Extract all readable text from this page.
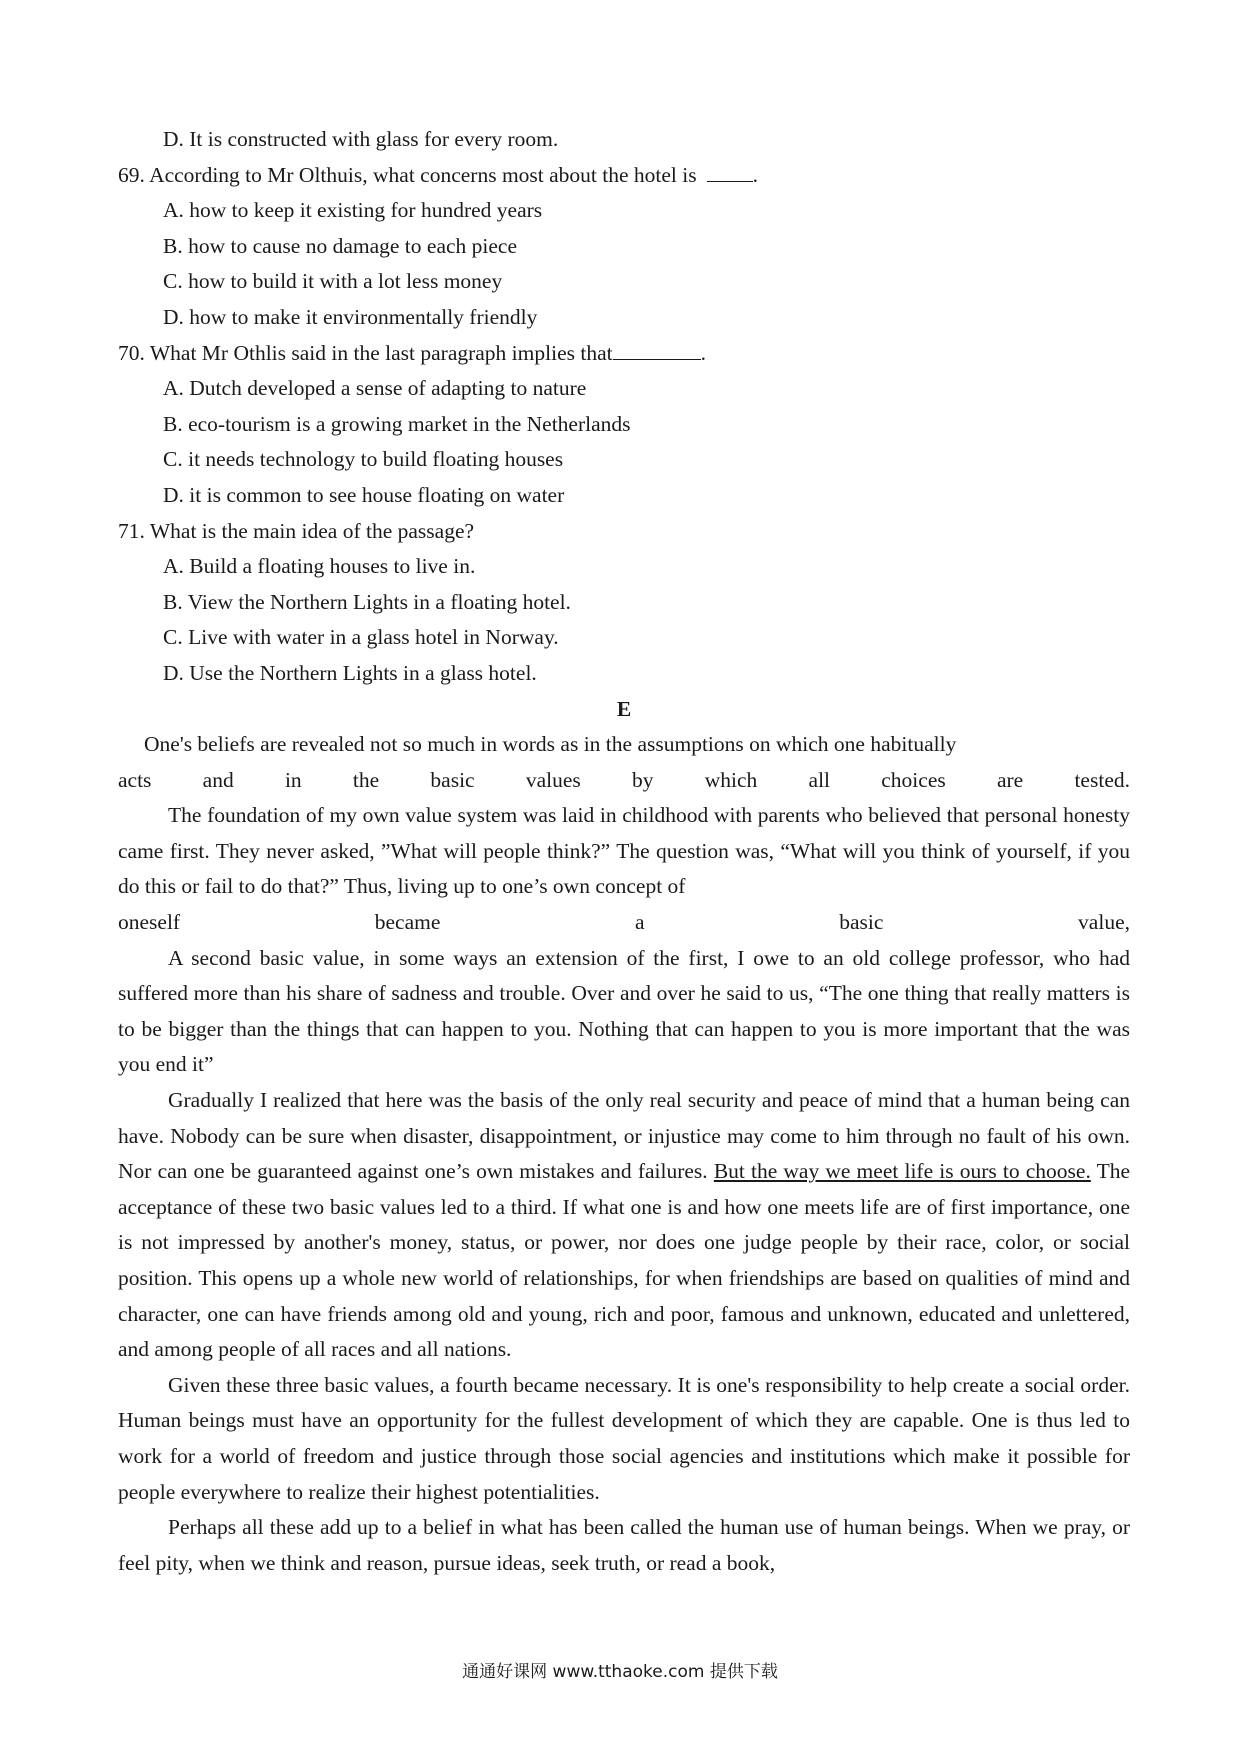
D. It is constructed with glass for every room.
69. According to Mr Olthuis, what concerns most about the hotel is	.
A. how to keep it existing for hundred years
B. how to cause no damage to each piece
C. how to build it with a lot less money
D. how to make it environmentally friendly
70. What Mr Othlis said in the last paragraph implies that	.
A. Dutch developed a sense of adapting to nature
B. eco-tourism is a growing market in the Netherlands
C. it needs technology to build floating houses
D. it is common to see house floating on water
71. What is the main idea of the passage?
A. Build a floating houses to live in.
B. View the Northern Lights in a floating hotel.
C. Live with water in a glass hotel in Norway.
D. Use the Northern Lights in a glass hotel.
E
One's beliefs are revealed not so much in words as in the assumptions on which one habitually
acts and in the basic values by which all choices are tested.
The foundation of my own value system was laid in childhood with parents who believed that personal honesty came first. They never asked, ”What will people think?” The question was, “What will you think of yourself, if you do this or fail to do that?” Thus, living up to one’s own concept of
oneself became a basic value,
A second basic value, in some ways an extension of the first, I owe to an old college professor, who had suffered more than his share of sadness and trouble. Over and over he said to us, “The one thing that really matters is to be bigger than the things that can happen to you. Nothing that can happen to you is more important that the was you end it”
Gradually I realized that here was the basis of the only real security and peace of mind that a human being can have. Nobody can be sure when disaster, disappointment, or injustice may come to him through no fault of his own. Nor can one be guaranteed against one’s own mistakes and failures. But the way we meet life is ours to choose. The acceptance of these two basic values led to a third. If what one is and how one meets life are of first importance, one is not impressed by another's money, status, or power, nor does one judge people by their race, color, or social position. This opens up a whole new world of relationships, for when friendships are based on qualities of mind and character, one can have friends among old and young, rich and poor, famous and unknown, educated and unlettered, and among people of all races and all nations.
Given these three basic values, a fourth became necessary. It is one's responsibility to help create a social order. Human beings must have an opportunity for the fullest development of which they are capable. One is thus led to work for a world of freedom and justice through those social agencies and institutions which make it possible for people everywhere to realize their highest potentialities.
Perhaps all these add up to a belief in what has been called the human use of human beings. When we pray, or feel pity, when we think and reason, pursue ideas, seek truth, or read a book,
通通好课网 www.tthaoke.com 提供下载
